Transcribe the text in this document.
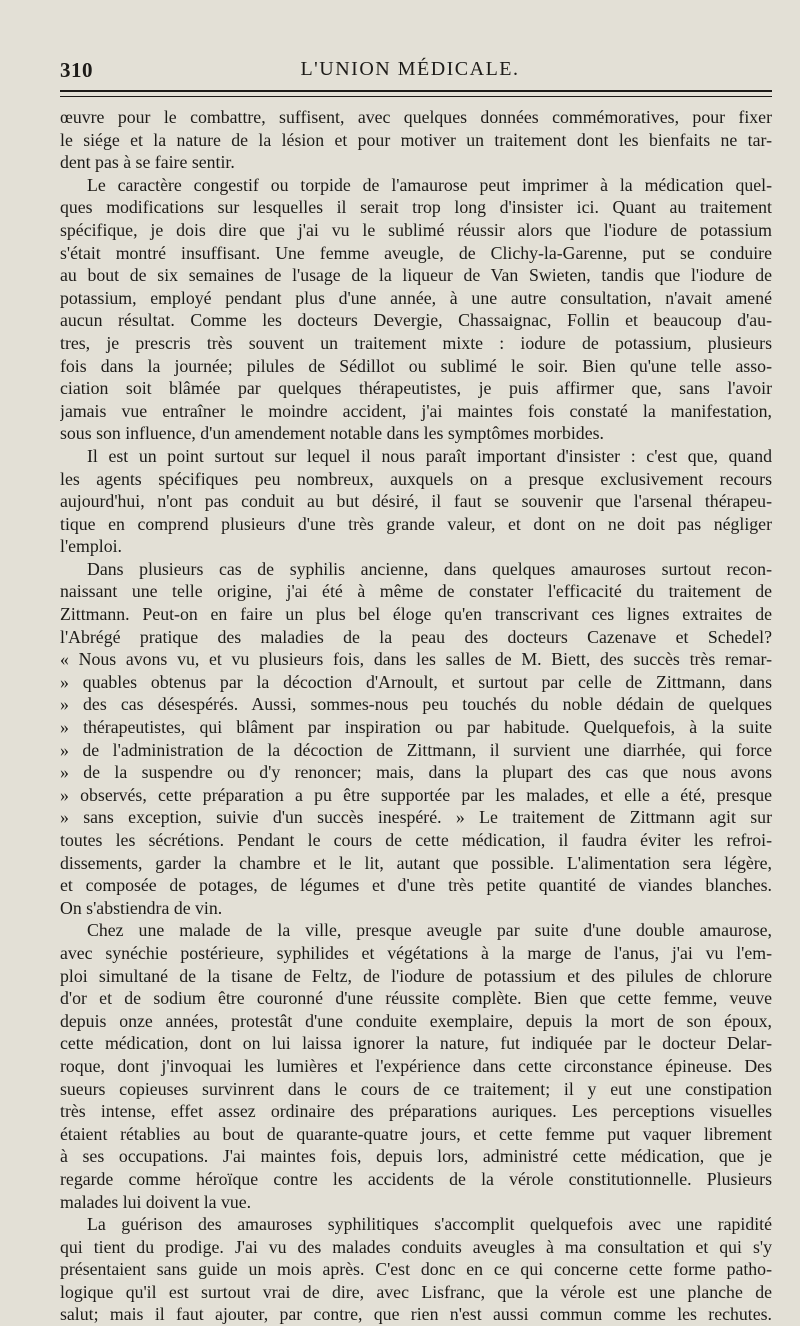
310	L'UNION MÉDICALE.
œuvre pour le combattre, suffisent, avec quelques données commémoratives, pour fixer
le siége et la nature de la lésion et pour motiver un traitement dont les bienfaits ne tar-
dent pas à se faire sentir.
Le caractère congestif ou torpide de l'amaurose peut imprimer à la médication quel-
ques modifications sur lesquelles il serait trop long d'insister ici. Quant au traitement
spécifique, je dois dire que j'ai vu le sublimé réussir alors que l'iodure de potassium
s'était montré insuffisant. Une femme aveugle, de Clichy-la-Garenne, put se conduire
au bout de six semaines de l'usage de la liqueur de Van Swieten, tandis que l'iodure de
potassium, employé pendant plus d'une année, à une autre consultation, n'avait amené
aucun résultat. Comme les docteurs Devergie, Chassaignac, Follin et beaucoup d'au-
tres, je prescris très souvent un traitement mixte : iodure de potassium, plusieurs
fois dans la journée; pilules de Sédillot ou sublimé le soir. Bien qu'une telle asso-
ciation soit blâmée par quelques thérapeutistes, je puis affirmer que, sans l'avoir
jamais vue entraîner le moindre accident, j'ai maintes fois constaté la manifestation,
sous son influence, d'un amendement notable dans les symptômes morbides.
Il est un point surtout sur lequel il nous paraît important d'insister : c'est que, quand
les agents spécifiques peu nombreux, auxquels on a presque exclusivement recours
aujourd'hui, n'ont pas conduit au but désiré, il faut se souvenir que l'arsenal thérapeu-
tique en comprend plusieurs d'une très grande valeur, et dont on ne doit pas négliger
l'emploi.
Dans plusieurs cas de syphilis ancienne, dans quelques amauroses surtout recon-
naissant une telle origine, j'ai été à même de constater l'efficacité du traitement de
Zittmann. Peut-on en faire un plus bel éloge qu'en transcrivant ces lignes extraites de
l'Abrégé pratique des maladies de la peau des docteurs Cazenave et Schedel?
« Nous avons vu, et vu plusieurs fois, dans les salles de M. Biett, des succès très remar-
» quables obtenus par la décoction d'Arnoult, et surtout par celle de Zittmann, dans
» des cas désespérés. Aussi, sommes-nous peu touchés du noble dédain de quelques
» thérapeutistes, qui blâment par inspiration ou par habitude. Quelquefois, à la suite
» de l'administration de la décoction de Zittmann, il survient une diarrhée, qui force
» de la suspendre ou d'y renoncer; mais, dans la plupart des cas que nous avons
» observés, cette préparation a pu être supportée par les malades, et elle a été, presque
» sans exception, suivie d'un succès inespéré. » Le traitement de Zittmann agit sur
toutes les sécrétions. Pendant le cours de cette médication, il faudra éviter les refroi-
dissements, garder la chambre et le lit, autant que possible. L'alimentation sera légère,
et composée de potages, de légumes et d'une très petite quantité de viandes blanches.
On s'abstiendra de vin.
Chez une malade de la ville, presque aveugle par suite d'une double amaurose,
avec synéchie postérieure, syphilides et végétations à la marge de l'anus, j'ai vu l'em-
ploi simultané de la tisane de Feltz, de l'iodure de potassium et des pilules de chlorure
d'or et de sodium être couronné d'une réussite complète. Bien que cette femme, veuve
depuis onze années, protestât d'une conduite exemplaire, depuis la mort de son époux,
cette médication, dont on lui laissa ignorer la nature, fut indiquée par le docteur Delar-
roque, dont j'invoquai les lumières et l'expérience dans cette circonstance épineuse. Des
sueurs copieuses survinrent dans le cours de ce traitement; il y eut une constipation
très intense, effet assez ordinaire des préparations auriques. Les perceptions visuelles
étaient rétablies au bout de quarante-quatre jours, et cette femme put vaquer librement
à ses occupations. J'ai maintes fois, depuis lors, administré cette médication, que je
regarde comme héroïque contre les accidents de la vérole constitutionnelle. Plusieurs
malades lui doivent la vue.
La guérison des amauroses syphilitiques s'accomplit quelquefois avec une rapidité
qui tient du prodige. J'ai vu des malades conduits aveugles à ma consultation et qui s'y
présentaient sans guide un mois après. C'est donc en ce qui concerne cette forme patho-
logique qu'il est surtout vrai de dire, avec Lisfranc, que la vérole est une planche de
salut; mais il faut ajouter, par contre, que rien n'est aussi commun comme les rechutes.
